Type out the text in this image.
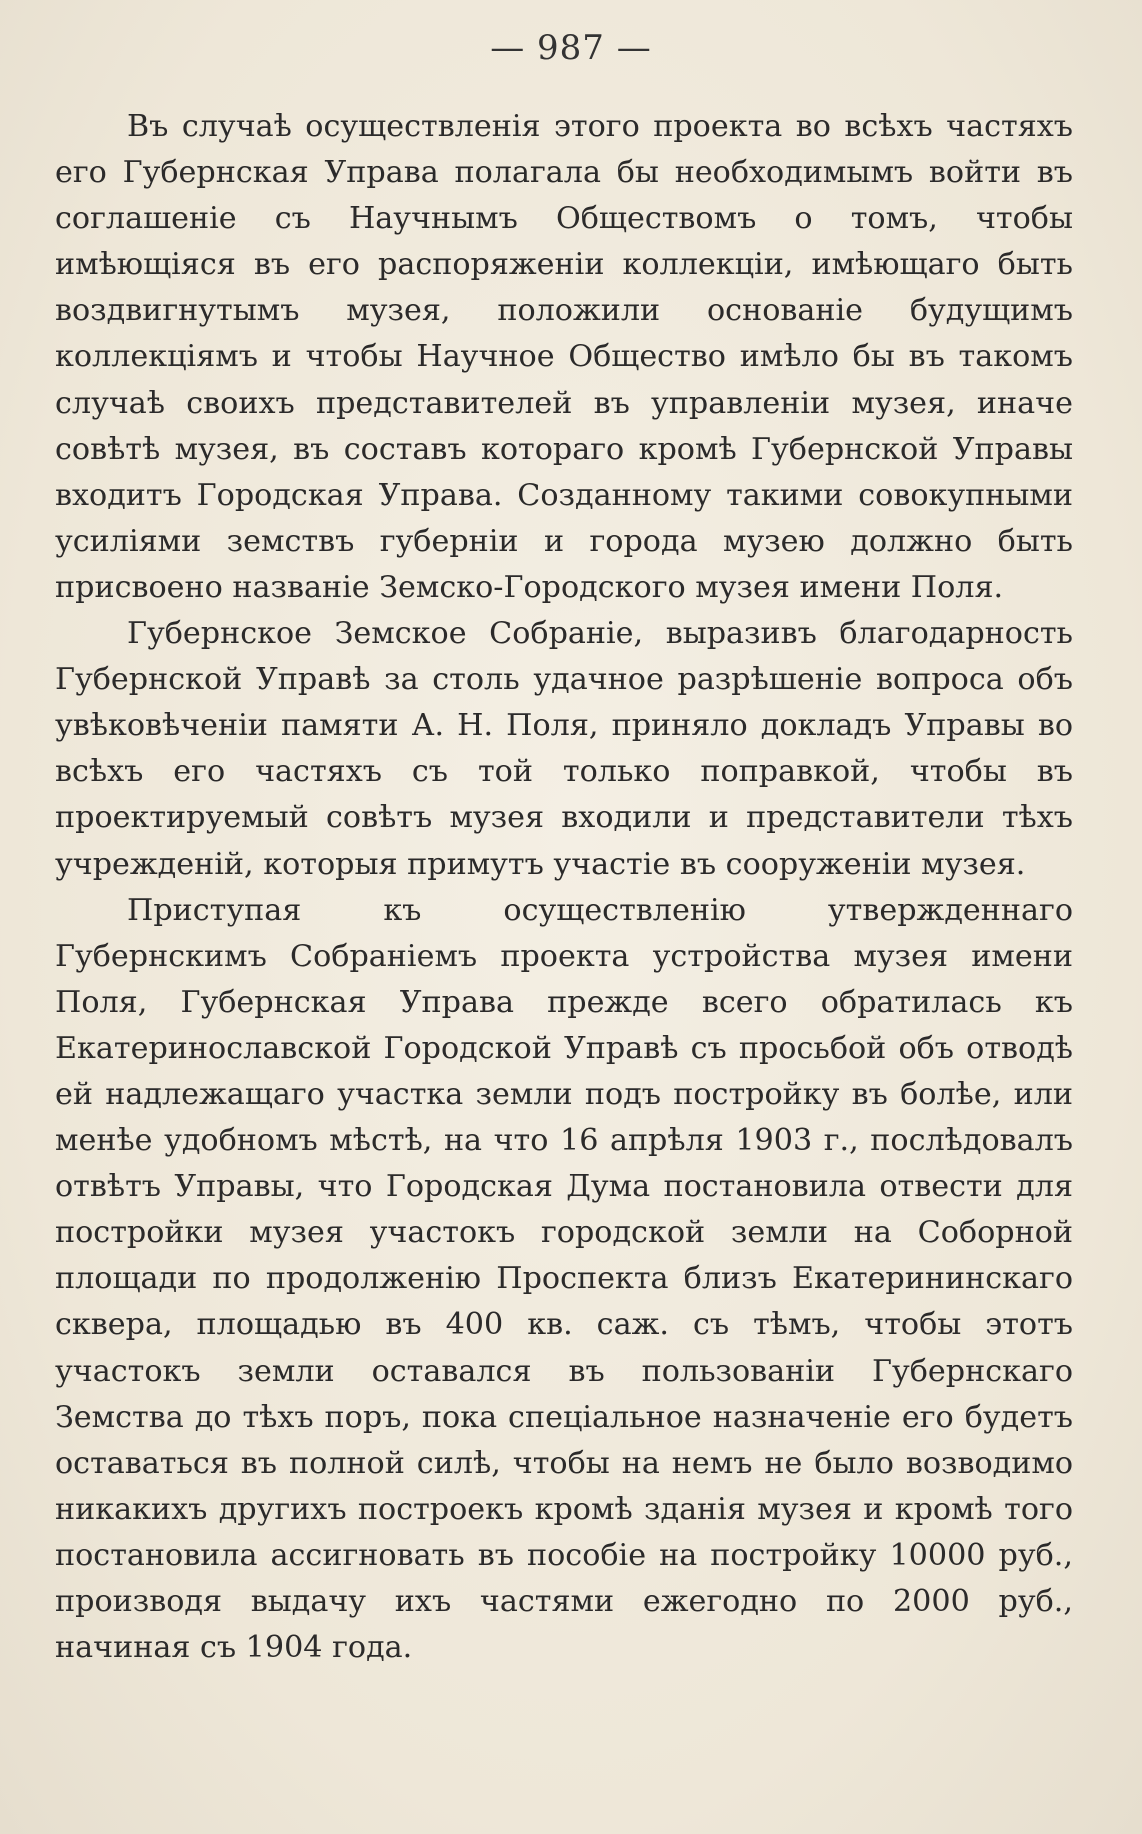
— 987 —

Въ случаѣ осуществленія этого проекта во всѣхъ частяхъ его Губернская Управа полагала бы необходимымъ войти въ соглашеніе съ Научнымъ Обществомъ о томъ, чтобы имѣющіяся въ его распоряженіи коллекціи, имѣющаго быть воздвигнутымъ музея, положили основаніе будущимъ коллекціямъ и чтобы Научное Общество имѣло бы въ такомъ случаѣ своихъ представителей въ управленіи музея, иначе совѣтѣ музея, въ составъ котораго кромѣ Губернской Управы входитъ Городская Управа. Созданному такими совокупными усиліями земствъ губерніи и города музею должно быть присвоено названіе Земско-Городского музея имени Поля.

Губернское Земское Собраніе, выразивъ благодарность Губернской Управѣ за столь удачное разрѣшеніе вопроса объ увѣковѣченіи памяти А. Н. Поля, приняло докладъ Управы во всѣхъ его частяхъ съ той только поправкой, чтобы въ проектируемый совѣтъ музея входили и представители тѣхъ учрежденій, которыя примутъ участіе въ сооруженіи музея.

Приступая къ осуществленію утвержденнаго Губернскимъ Собраніемъ проекта устройства музея имени Поля, Губернская Управа прежде всего обратилась къ Екатеринославской Городской Управѣ съ просьбой объ отводѣ ей надлежащаго участка земли подъ постройку въ болѣе, или менѣе удобномъ мѣстѣ, на что 16 апрѣля 1903 г., послѣдовалъ отвѣтъ Управы, что Городская Дума постановила отвести для постройки музея участокъ городской земли на Соборной площади по продолженію Проспекта близъ Екатерининскаго сквера, площадью въ 400 кв. саж. съ тѣмъ, чтобы этотъ участокъ земли оставался въ пользованіи Губернскаго Земства до тѣхъ поръ, пока спеціальное назначеніе его будетъ оставаться въ полной силѣ, чтобы на немъ не было возводимо никакихъ другихъ построекъ кромѣ зданія музея и кромѣ того постановила ассигновать въ пособіе на постройку 10000 руб., производя выдачу ихъ частями ежегодно по 2000 руб., начиная съ 1904 года.
